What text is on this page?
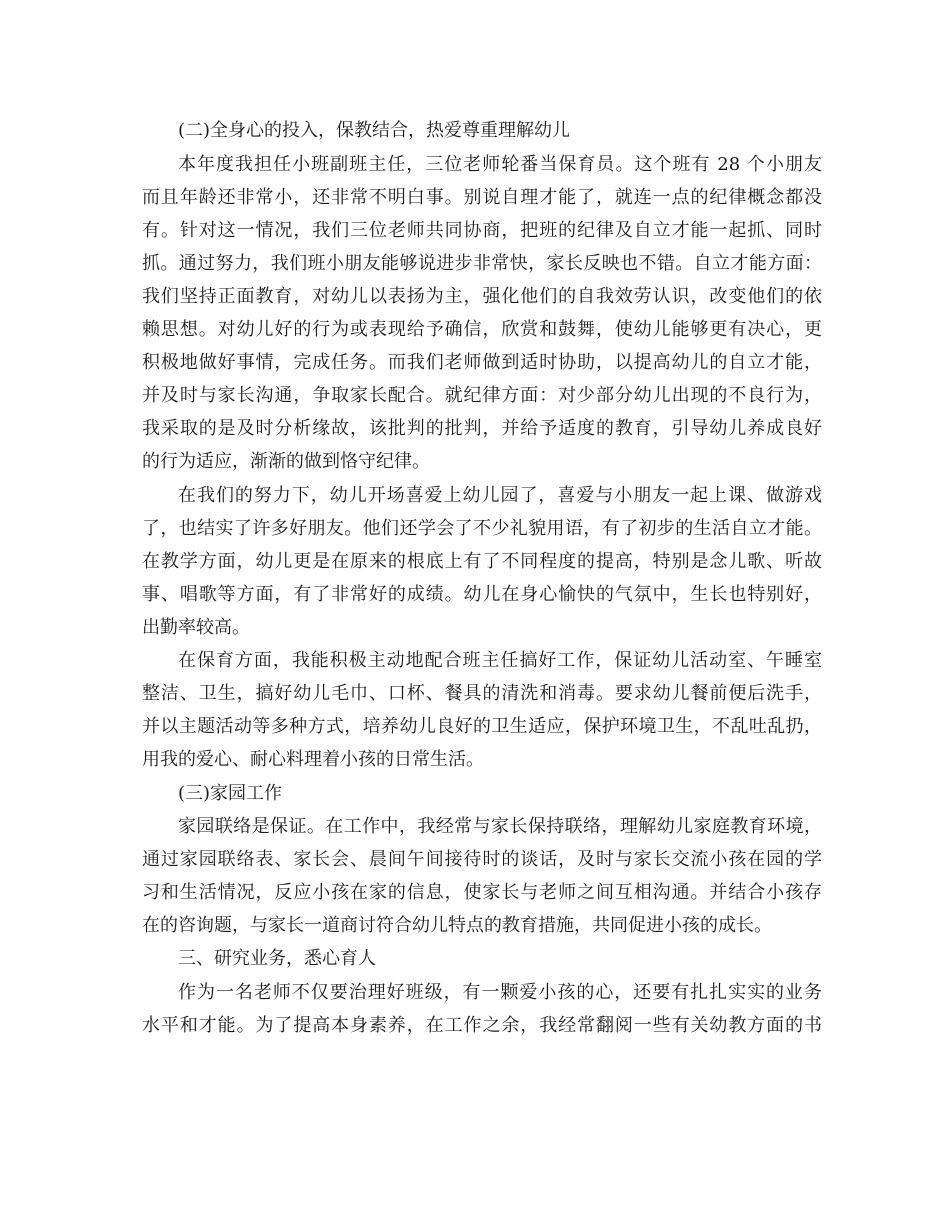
(二)全身心的投入，保教结合，热爱尊重理解幼儿
本年度我担任小班副班主任，三位老师轮番当保育员。这个班有 28 个小朋友
而且年龄还非常小，还非常不明白事。别说自理才能了，就连一点的纪律概念都没
有。针对这一情况，我们三位老师共同协商，把班的纪律及自立才能一起抓、同时
抓。通过努力，我们班小朋友能够说进步非常快，家长反映也不错。自立才能方面：
我们坚持正面教育，对幼儿以表扬为主，强化他们的自我效劳认识，改变他们的依
赖思想。对幼儿好的行为或表现给予确信，欣赏和鼓舞，使幼儿能够更有决心，更
积极地做好事情，完成任务。而我们老师做到适时协助，以提高幼儿的自立才能，
并及时与家长沟通，争取家长配合。就纪律方面：对少部分幼儿出现的不良行为，
我采取的是及时分析缘故，该批判的批判，并给予适度的教育，引导幼儿养成良好
的行为适应，渐渐的做到恪守纪律。
在我们的努力下，幼儿开场喜爱上幼儿园了，喜爱与小朋友一起上课、做游戏
了，也结实了许多好朋友。他们还学会了不少礼貌用语，有了初步的生活自立才能。
在教学方面，幼儿更是在原来的根底上有了不同程度的提高，特别是念儿歌、听故
事、唱歌等方面，有了非常好的成绩。幼儿在身心愉快的气氛中，生长也特别好，
出勤率较高。
在保育方面，我能积极主动地配合班主任搞好工作，保证幼儿活动室、午睡室
整洁、卫生，搞好幼儿毛巾、口杯、餐具的清洗和消毒。要求幼儿餐前便后洗手，
并以主题活动等多种方式，培养幼儿良好的卫生适应，保护环境卫生，不乱吐乱扔，
用我的爱心、耐心料理着小孩的日常生活。
(三)家园工作
家园联络是保证。在工作中，我经常与家长保持联络，理解幼儿家庭教育环境，
通过家园联络表、家长会、晨间午间接待时的谈话，及时与家长交流小孩在园的学
习和生活情况，反应小孩在家的信息，使家长与老师之间互相沟通。并结合小孩存
在的咨询题，与家长一道商讨符合幼儿特点的教育措施，共同促进小孩的成长。
三、研究业务，悉心育人
作为一名老师不仅要治理好班级，有一颗爱小孩的心，还要有扎扎实实的业务
水平和才能。为了提高本身素养，在工作之余，我经常翻阅一些有关幼教方面的书
